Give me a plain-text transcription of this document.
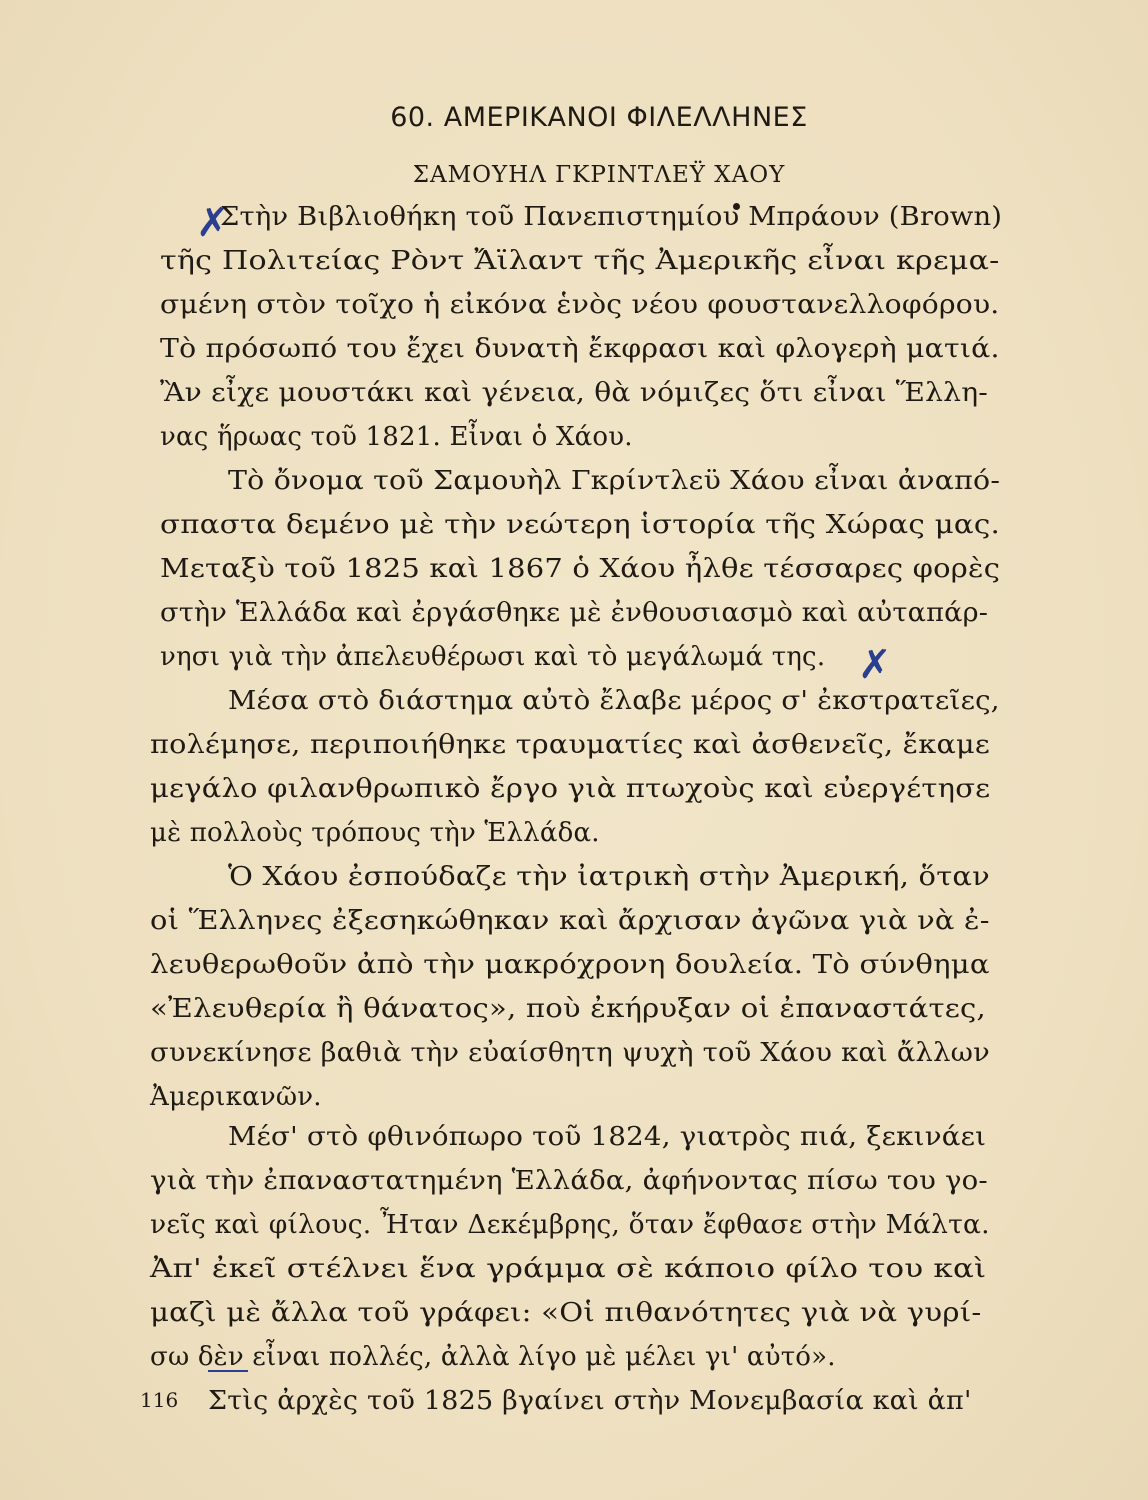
60. ΑΜΕΡΙΚΑΝΟΙ ΦΙΛΕΛΛΗΝΕΣ
ΣΑΜΟΥΗΛ ΓΚΡΙΝΤΛΕΫ ΧΑΟΥ
✗
✗
Στὴν Βιβλιοθήκη τοῦ Πανεπιστημίου Μπράουν (Brown)
τῆς Πολιτείας Ρὸντ Ἄϊλαντ τῆς Ἀμερικῆς εἶναι κρεμα-
σμένη στὸν τοῖχο ἡ εἰκόνα ἑνὸς νέου φουστανελλοφόρου.
Τὸ πρόσωπό του ἔχει δυνατὴ ἔκφρασι καὶ φλογερὴ ματιά.
Ἂν εἶχε μουστάκι καὶ γένεια, θὰ νόμιζες ὅτι εἶναι Ἕλλη-
νας ἥρωας τοῦ 1821. Εἶναι ὁ Χάου.
Τὸ ὄνομα τοῦ Σαμουὴλ Γκρίντλεϋ Χάου εἶναι ἀναπό-
σπαστα δεμένο μὲ τὴν νεώτερη ἱστορία τῆς Χώρας μας.
Μεταξὺ τοῦ 1825 καὶ 1867 ὁ Χάου ἦλθε τέσσαρες φορὲς
στὴν Ἑλλάδα καὶ ἐργάσθηκε μὲ ἐνθουσιασμὸ καὶ αὐταπάρ-
νησι γιὰ τὴν ἀπελευθέρωσι καὶ τὸ μεγάλωμά της.
Μέσα στὸ διάστημα αὐτὸ ἔλαβε μέρος σ' ἐκστρατεῖες,
πολέμησε, περιποιήθηκε τραυματίες καὶ ἀσθενεῖς, ἔκαμε
μεγάλο φιλανθρωπικὸ ἔργο γιὰ πτωχοὺς καὶ εὐεργέτησε
μὲ πολλοὺς τρόπους τὴν Ἑλλάδα.
Ὁ Χάου ἐσπούδαζε τὴν ἰατρικὴ στὴν Ἀμερική, ὅταν
οἱ Ἕλληνες ἐξεσηκώθηκαν καὶ ἄρχισαν ἀγῶνα γιὰ νὰ ἐ-
λευθερωθοῦν ἀπὸ τὴν μακρόχρονη δουλεία. Τὸ σύνθημα
«Ἐλευθερία ἢ θάνατος», ποὺ ἐκήρυξαν οἱ ἐπαναστάτες,
συνεκίνησε βαθιὰ τὴν εὐαίσθητη ψυχὴ τοῦ Χάου καὶ ἄλλων
Ἀμερικανῶν.
Μέσ' στὸ φθινόπωρο τοῦ 1824, γιατρὸς πιά, ξεκινάει
γιὰ τὴν ἐπαναστατημένη Ἑλλάδα, ἀφήνοντας πίσω του γο-
νεῖς καὶ φίλους. Ἦταν Δεκέμβρης, ὅταν ἔφθασε στὴν Μάλτα.
Ἀπ' ἐκεῖ στέλνει ἕνα γράμμα σὲ κάποιο φίλο του καὶ
μαζὶ μὲ ἄλλα τοῦ γράφει: «Οἱ πιθανότητες γιὰ νὰ γυρί-
σω δὲν εἶναι πολλές, ἀλλὰ λίγο μὲ μέλει γι' αὐτό».
Στὶς ἀρχὲς τοῦ 1825 βγαίνει στὴν Μονεμβασία καὶ ἀπ'
116
